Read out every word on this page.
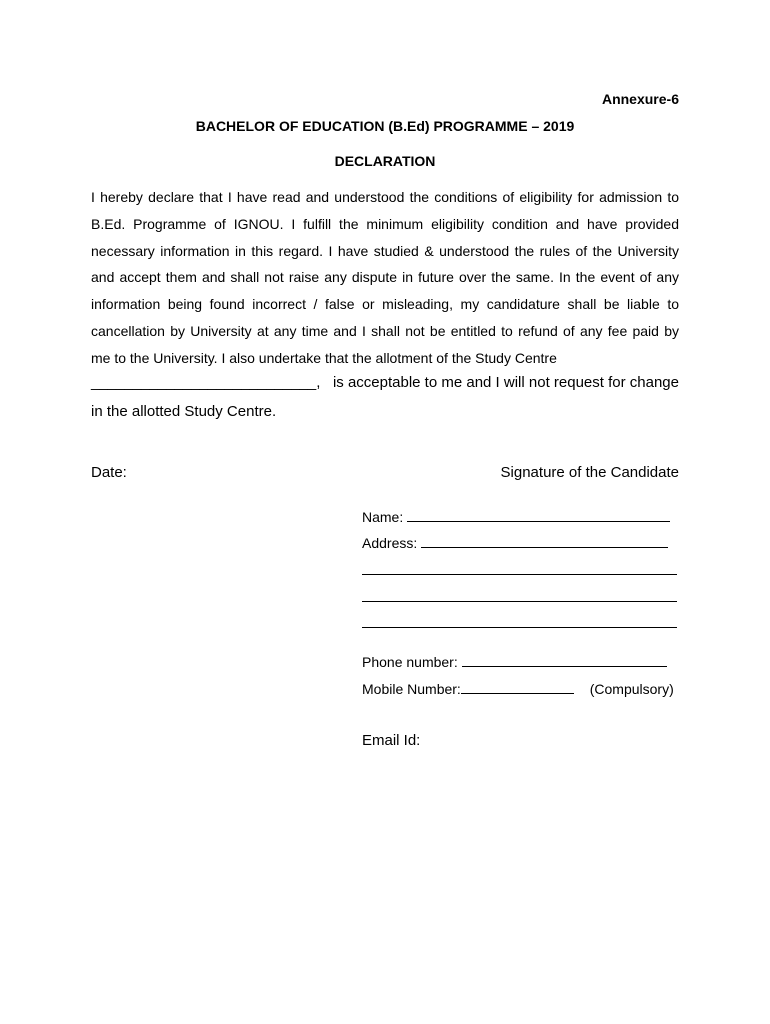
Annexure-6
BACHELOR OF EDUCATION (B.Ed) PROGRAMME – 2019
DECLARATION
I hereby declare that I have read and understood the conditions of eligibility for admission to
B.Ed. Programme of IGNOU. I fulfill the minimum eligibility condition and have provided
necessary information in this regard. I have studied & understood the rules of the University
and accept them and shall not raise any dispute in future over the same. In the event of any
information being found incorrect / false or misleading, my candidature shall be liable to
cancellation by University at any time and I shall not be entitled to refund of any fee paid by
me to the University. I also undertake that the allotment of the Study Centre
___________________________, is acceptable to me and I will not request for change
in the allotted Study Centre.
Date:	Signature of the Candidate
Name:
Address:
Phone number:
Mobile Number:	(Compulsory)
Email Id:
